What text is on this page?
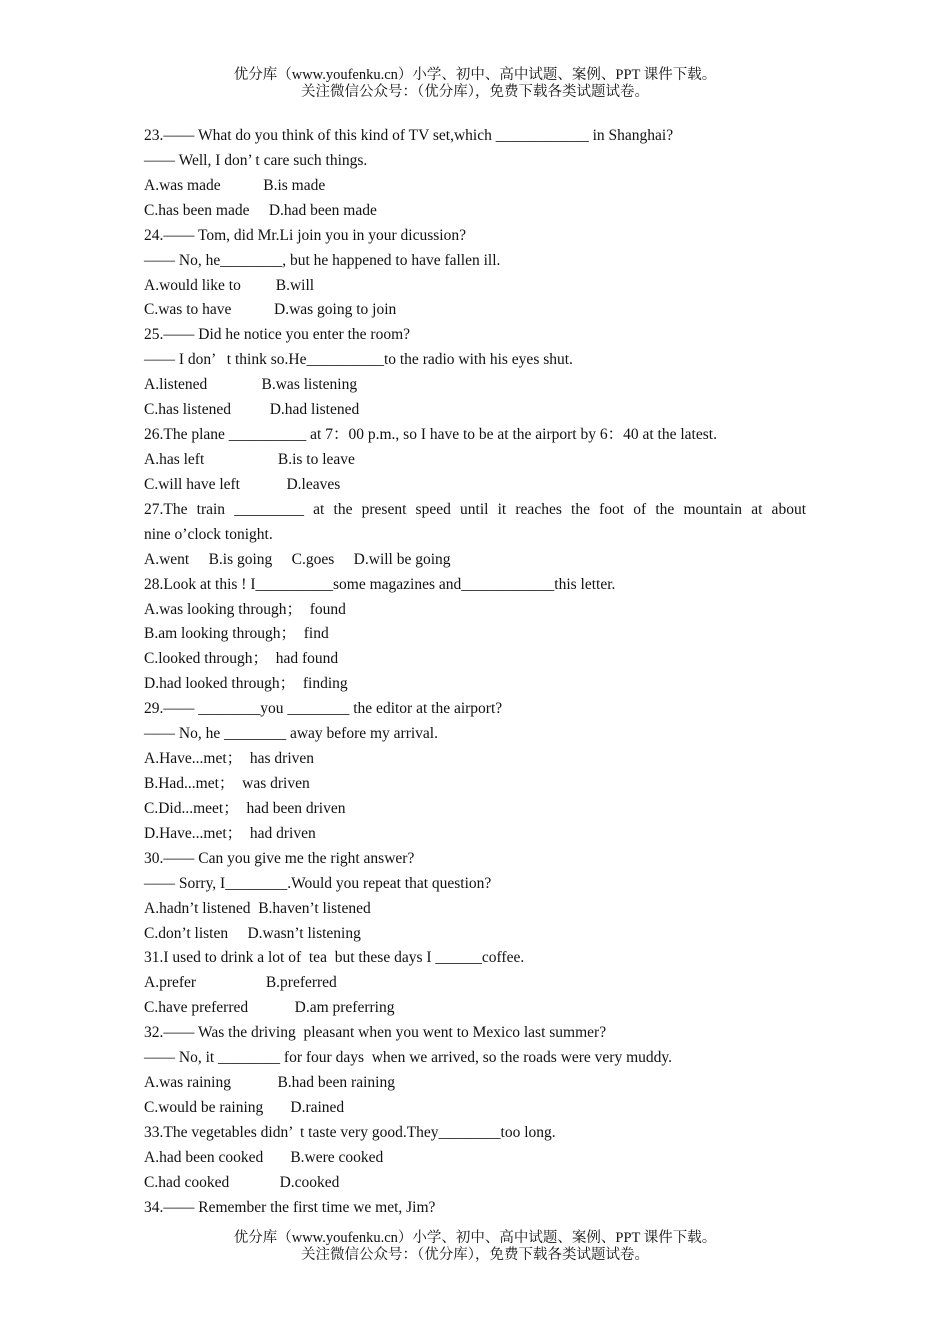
优分库（www.youfenku.cn）小学、初中、高中试题、案例、PPT 课件下载。
关注微信公众号：（优分库），免费下载各类试题试卷。
23.—— What do you think of this kind of TV set,which ____________ in Shanghai?
—— Well, I don’ t care such things.
A.was made           B.is made
C.has been made     D.had been made
24.—— Tom, did Mr.Li join you in your dicussion?
—— No, he________, but he happened to have fallen ill.
A.would like to         B.will
C.was to have           D.was going to join
25.—— Did he notice you enter the room?
—— I don’   t think so.He__________to the radio with his eyes shut.
A.listened              B.was listening
C.has listened          D.had listened
26.The plane __________ at 7：00 p.m., so I have to be at the airport by 6：40 at the latest.
A.has left                   B.is to leave
C.will have left            D.leaves
27.The train _________ at the present speed until it reaches the foot of the mountain at about
nine o’clock tonight.
A.went     B.is going     C.goes     D.will be going
28.Look at this ! I__________some magazines and____________this letter.
A.was looking through；  found
B.am looking through；  find
C.looked through；  had found
D.had looked through；  finding
29.—— ________you ________ the editor at the airport?
—— No, he ________ away before my arrival.
A.Have...met；  has driven
B.Had...met；  was driven
C.Did...meet；  had been driven
D.Have...met；  had driven
30.—— Can you give me the right answer?
—— Sorry, I________.Would you repeat that question?
A.hadn’t listened  B.haven’t listened
C.don’t listen     D.wasn’t listening
31.I used to drink a lot of  tea  but these days I ______coffee.
A.prefer                  B.preferred
C.have preferred            D.am preferring
32.—— Was the driving  pleasant when you went to Mexico last summer?
—— No, it ________ for four days  when we arrived, so the roads were very muddy.
A.was raining            B.had been raining
C.would be raining       D.rained
33.The vegetables didn’  t taste very good.They________too long.
A.had been cooked       B.were cooked
C.had cooked             D.cooked
34.—— Remember the first time we met, Jim?
优分库（www.youfenku.cn）小学、初中、高中试题、案例、PPT 课件下载。
关注微信公众号：（优分库），免费下载各类试题试卷。
